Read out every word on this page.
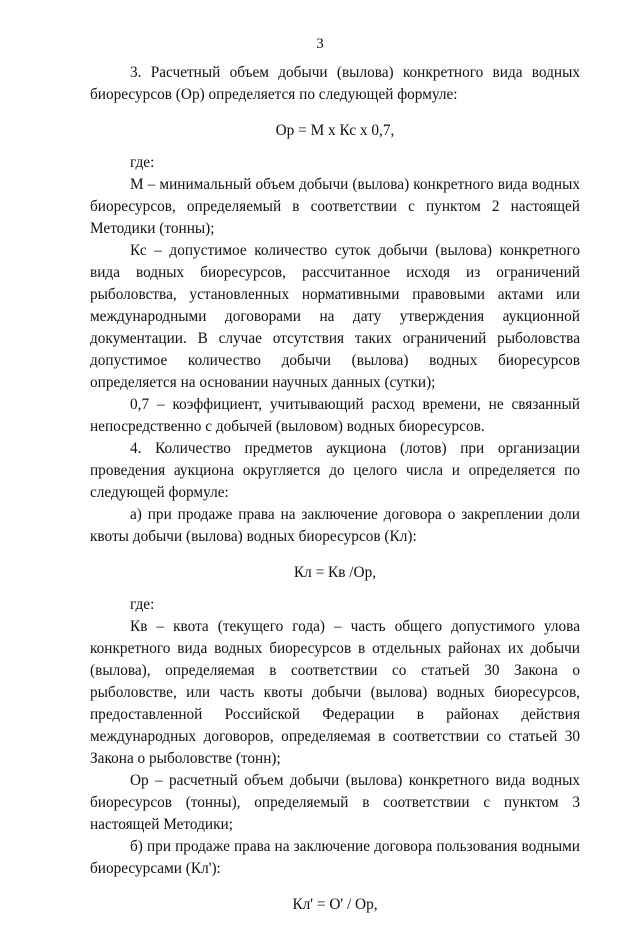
3

3. Расчетный объем добычи (вылова) конкретного вида водных биоресурсов (Ор) определяется по следующей формуле:

Ор = М х Кс х 0,7,

где:

М – минимальный объем добычи (вылова) конкретного вида водных биоресурсов, определяемый в соответствии с пунктом 2 настоящей Методики (тонны);

Кс – допустимое количество суток добычи (вылова) конкретного вида водных биоресурсов, рассчитанное исходя из ограничений рыболовства, установленных нормативными правовыми актами или международными договорами на дату утверждения аукционной документации. В случае отсутствия таких ограничений рыболовства допустимое количество добычи (вылова) водных биоресурсов определяется на основании научных данных (сутки);

0,7 – коэффициент, учитывающий расход времени, не связанный непосредственно с добычей (выловом) водных биоресурсов.

4. Количество предметов аукциона (лотов) при организации проведения аукциона округляется до целого числа и определяется по следующей формуле:

а) при продаже права на заключение договора о закреплении доли квоты добычи (вылова) водных биоресурсов (Кл):

Кл = Кв /Ор,

где:

Кв – квота (текущего года) – часть общего допустимого улова конкретного вида водных биоресурсов в отдельных районах их добычи (вылова), определяемая в соответствии со статьей 30 Закона о рыболовстве, или часть квоты добычи (вылова) водных биоресурсов, предоставленной Российской Федерации в районах действия международных договоров, определяемая в соответствии со статьей 30 Закона о рыболовстве (тонн);

Ор – расчетный объем добычи (вылова) конкретного вида водных биоресурсов (тонны), определяемый в соответствии с пунктом 3 настоящей Методики;

б) при продаже права на заключение договора пользования водными биоресурсами (Кл'):

Кл' = О' / Ор,
